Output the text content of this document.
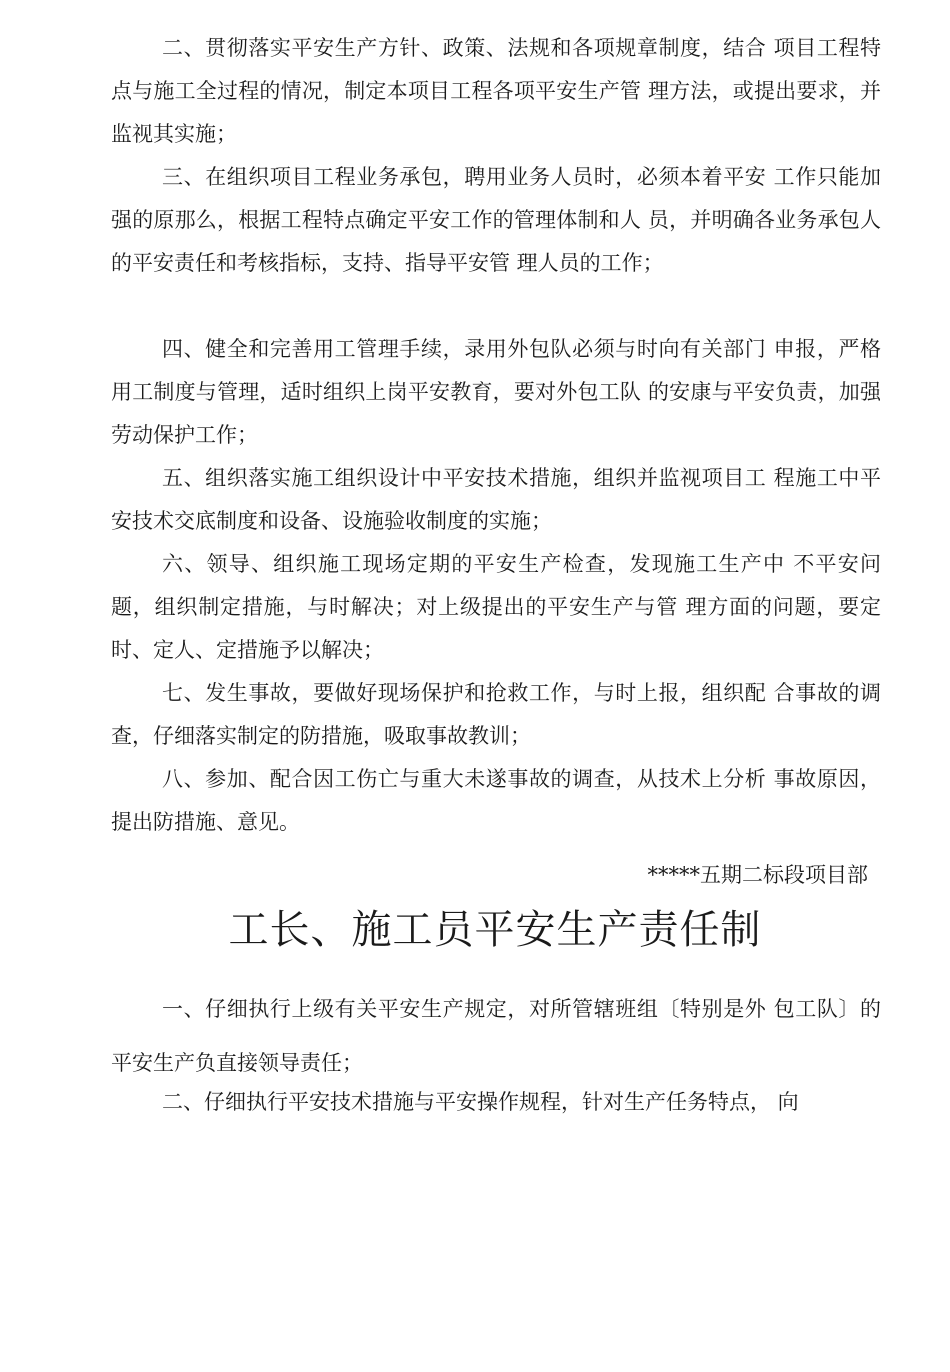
二、贯彻落实平安生产方针、政策、法规和各项规章制度，结合 项目工程特点与施工全过程的情况，制定本项目工程各项平安生产管 理方法，或提出要求，并监视其实施；

三、在组织项目工程业务承包，聘用业务人员时，必须本着平安 工作只能加强的原那么，根据工程特点确定平安工作的管理体制和人 员，并明确各业务承包人的平安责任和考核指标，支持、指导平安管 理人员的工作；

四、健全和完善用工管理手续，录用外包队必须与时向有关部门 申报，严格用工制度与管理，适时组织上岗平安教育，要对外包工队 的安康与平安负责，加强劳动保护工作；

五、组织落实施工组织设计中平安技术措施，组织并监视项目工 程施工中平安技术交底制度和设备、设施验收制度的实施；

六、领导、组织施工现场定期的平安生产检查，发现施工生产中 不平安问题，组织制定措施，与时解决；对上级提出的平安生产与管 理方面的问题，要定时、定人、定措施予以解决；

七、发生事故，要做好现场保护和抢救工作，与时上报，组织配 合事故的调查，仔细落实制定的防措施，吸取事故教训；

八、参加、配合因工伤亡与重大未遂事故的调查，从技术上分析 事故原因，提出防措施、意见。

*****五期二标段项目部

工长、施工员平安生产责任制

一、仔细执行上级有关平安生产规定，对所管辖班组〔特别是外 包工队〕的平安生产负直接领导责任；

二、仔细执行平安技术措施与平安操作规程，针对生产任务特点， 向
